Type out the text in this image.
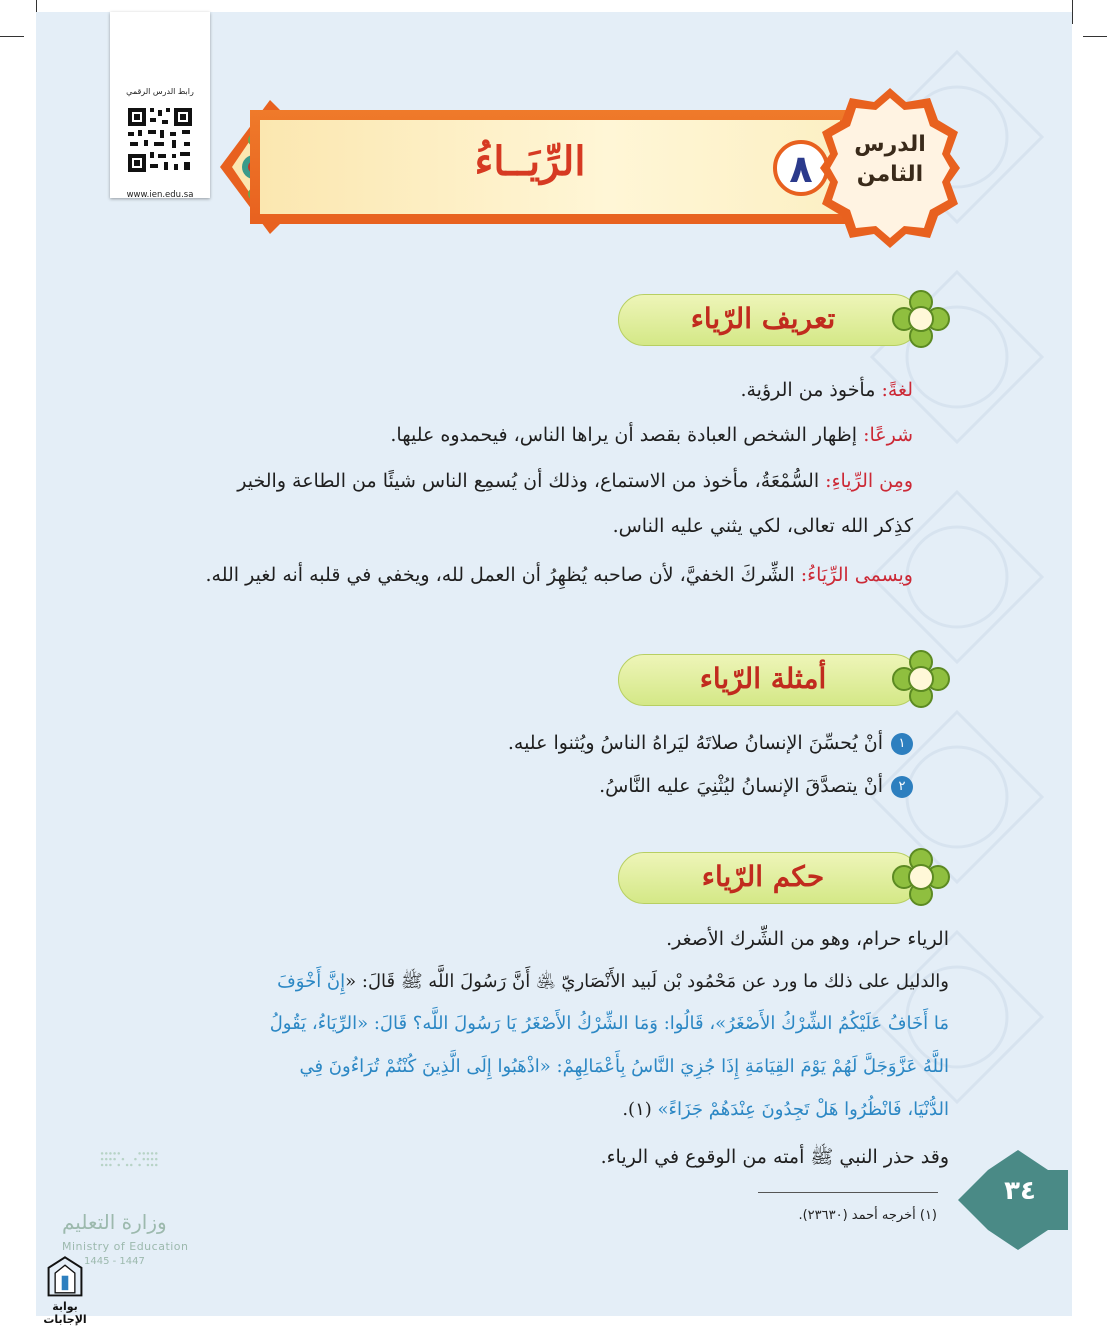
رابط الدرس الرقمي
www.ien.edu.sa
الرِّيَــاءُ	٨
الدرس
الثامن
تعريف الرّياء
لغةً: مأخوذ من الرؤية.
شرعًا: إظهار الشخص العبادة بقصد أن يراها الناس، فيحمدوه عليها.
ومِن الرِّياءِ: السُّمْعَةُ، مأخوذ من الاستماع، وذلك أن يُسمِع الناس شيئًا من الطاعة والخير
كذِكر الله تعالى، لكي يثني عليه الناس.
ويسمى الرِّيَاءُ: الشِّركَ الخفيَّ، لأن صاحبه يُظهِرُ أن العمل لله، ويخفي في قلبه أنه لغير الله.
أمثلة الرّياء
١أنْ يُحسِّنَ الإنسانُ صلاتَهُ ليَراهُ الناسُ ويُثنوا عليه.
٢أنْ يتصدَّقَ الإنسانُ ليُثْنِيَ عليه النَّاسُ.
حكم الرّياء
الرياء حرام، وهو من الشِّرك الأصغر.
والدليل على ذلك ما ورد عن مَحْمُود بْن لَبيد الأَنْصَاريّ ﵁ أَنَّ رَسُولَ اللَّه ﷺ قَالَ: «إِنَّ أَخْوَفَ
مَا أَخَافُ عَلَيْكُمُ الشِّرْكُ الأَصْغَرُ»، قَالُوا: وَمَا الشِّرْكُ الأَصْغَرُ يَا رَسُولَ اللَّه؟ قَالَ: «الرِّيَاءُ، يَقُولُ
اللَّهُ عَزَّوَجَلَّ لَهُمْ يَوْمَ القِيَامَةِ إِذَا جُزِيَ النَّاسُ بِأَعْمَالِهِمْ: «اذْهَبُوا إِلَى الَّذِينَ كُنْتُمْ تُرَاءُونَ فِي
الدُّنْيَا، فَانْظُرُوا هَلْ تَجِدُونَ عِنْدَهُمْ جَزَاءً» (١).
وقد حذر النبي ﷺ أمته من الوقوع في الرياء.
(١) أخرجه أحمد (٢٣٦٣٠).
٣٤
وزارة التعليم
Ministry of Education
1445 - 1447
بوابة الإجابات
